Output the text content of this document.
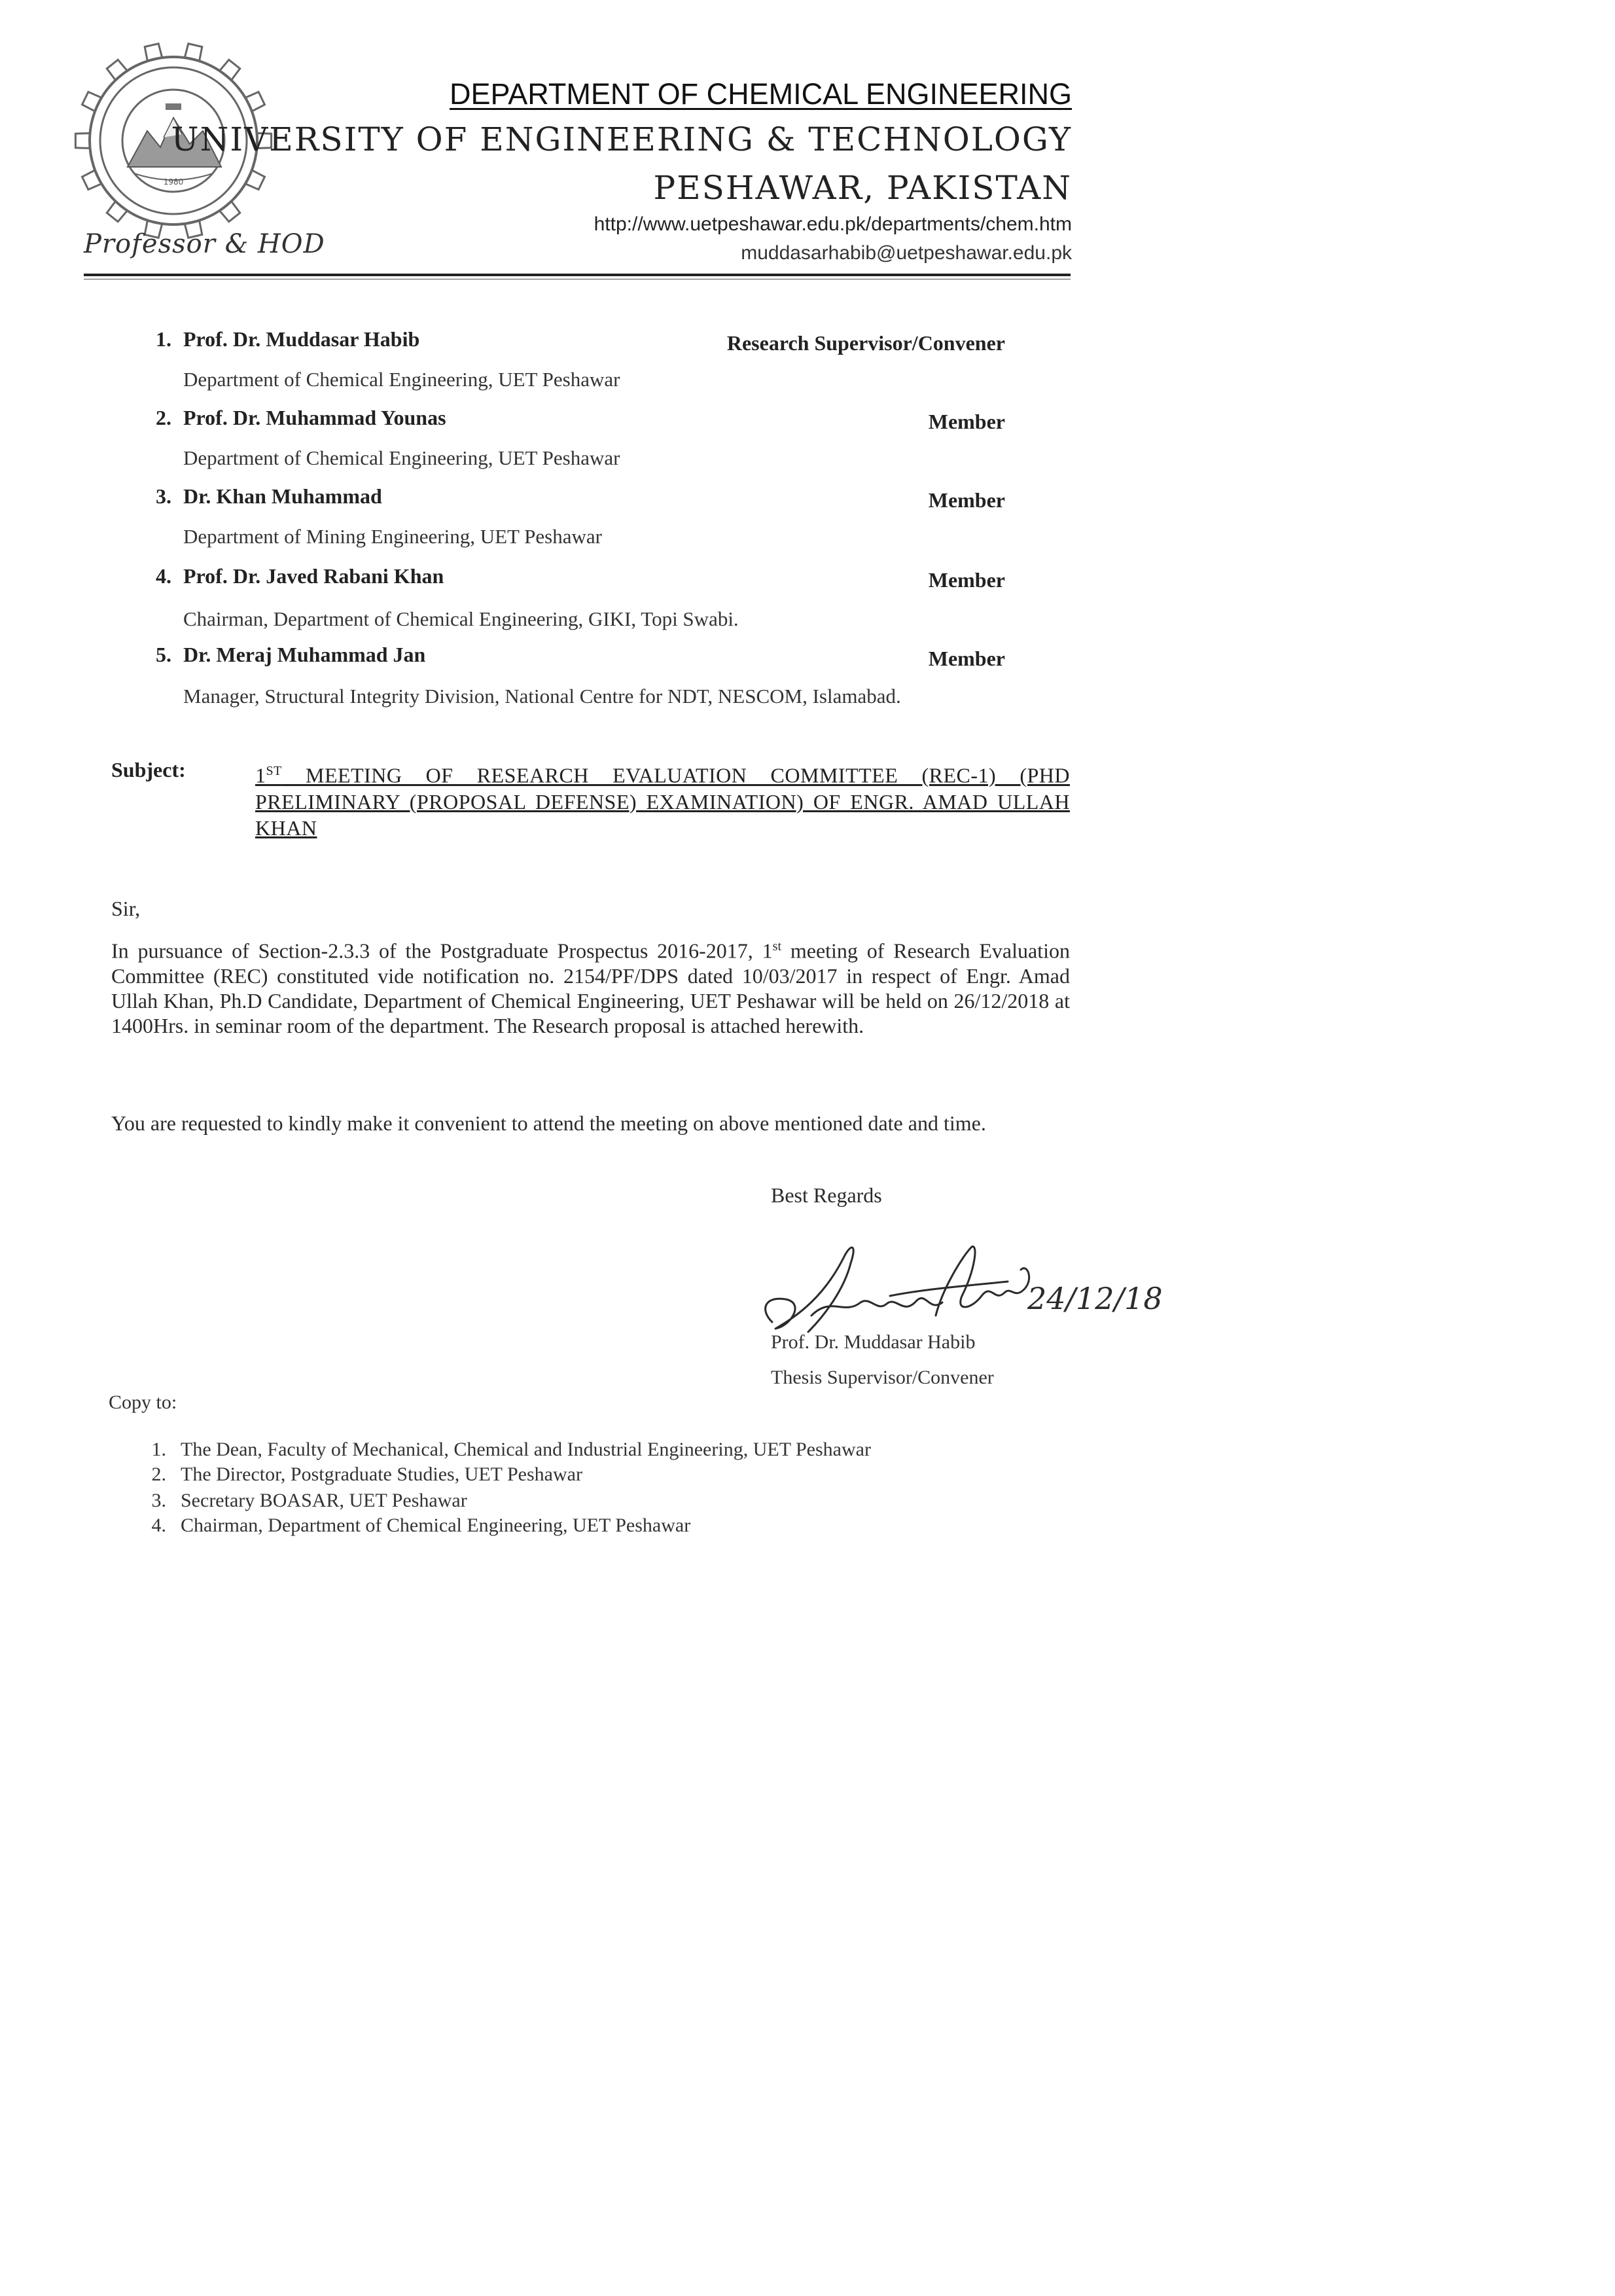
1980
Professor & HOD
DEPARTMENT OF CHEMICAL ENGINEERING
UNIVERSITY OF ENGINEERING & TECHNOLOGY
PESHAWAR, PAKISTAN
http://www.uetpeshawar.edu.pk/departments/chem.htm
muddasarhabib@uetpeshawar.edu.pk
1. Prof. Dr. Muddasar Habib	Research Supervisor/Convener
Department of Chemical Engineering, UET Peshawar
2. Prof. Dr. Muhammad Younas	Member
Department of Chemical Engineering, UET Peshawar
3. Dr. Khan Muhammad	Member
Department of Mining Engineering, UET Peshawar
4. Prof. Dr. Javed Rabani Khan	Member
Chairman, Department of Chemical Engineering, GIKI, Topi Swabi.
5. Dr. Meraj Muhammad Jan	Member
Manager, Structural Integrity Division, National Centre for NDT, NESCOM, Islamabad.
Subject:	1ST MEETING OF RESEARCH EVALUATION COMMITTEE (REC-1) (PHD PRELIMINARY (PROPOSAL DEFENSE) EXAMINATION) OF ENGR. AMAD ULLAH KHAN
Sir,
In pursuance of Section-2.3.3 of the Postgraduate Prospectus 2016-2017, 1st meeting of Research Evaluation Committee (REC) constituted vide notification no. 2154/PF/DPS dated 10/03/2017 in respect of Engr. Amad Ullah Khan, Ph.D Candidate, Department of Chemical Engineering, UET Peshawar will be held on 26/12/2018 at 1400Hrs. in seminar room of the department. The Research proposal is attached herewith.
You are requested to kindly make it convenient to attend the meeting on above mentioned date and time.
Best Regards
24/12/18
Prof. Dr. Muddasar Habib
Thesis Supervisor/Convener
Copy to:
1. The Dean, Faculty of Mechanical, Chemical and Industrial Engineering, UET Peshawar
2. The Director, Postgraduate Studies, UET Peshawar
3. Secretary BOASAR, UET Peshawar
4. Chairman, Department of Chemical Engineering, UET Peshawar
